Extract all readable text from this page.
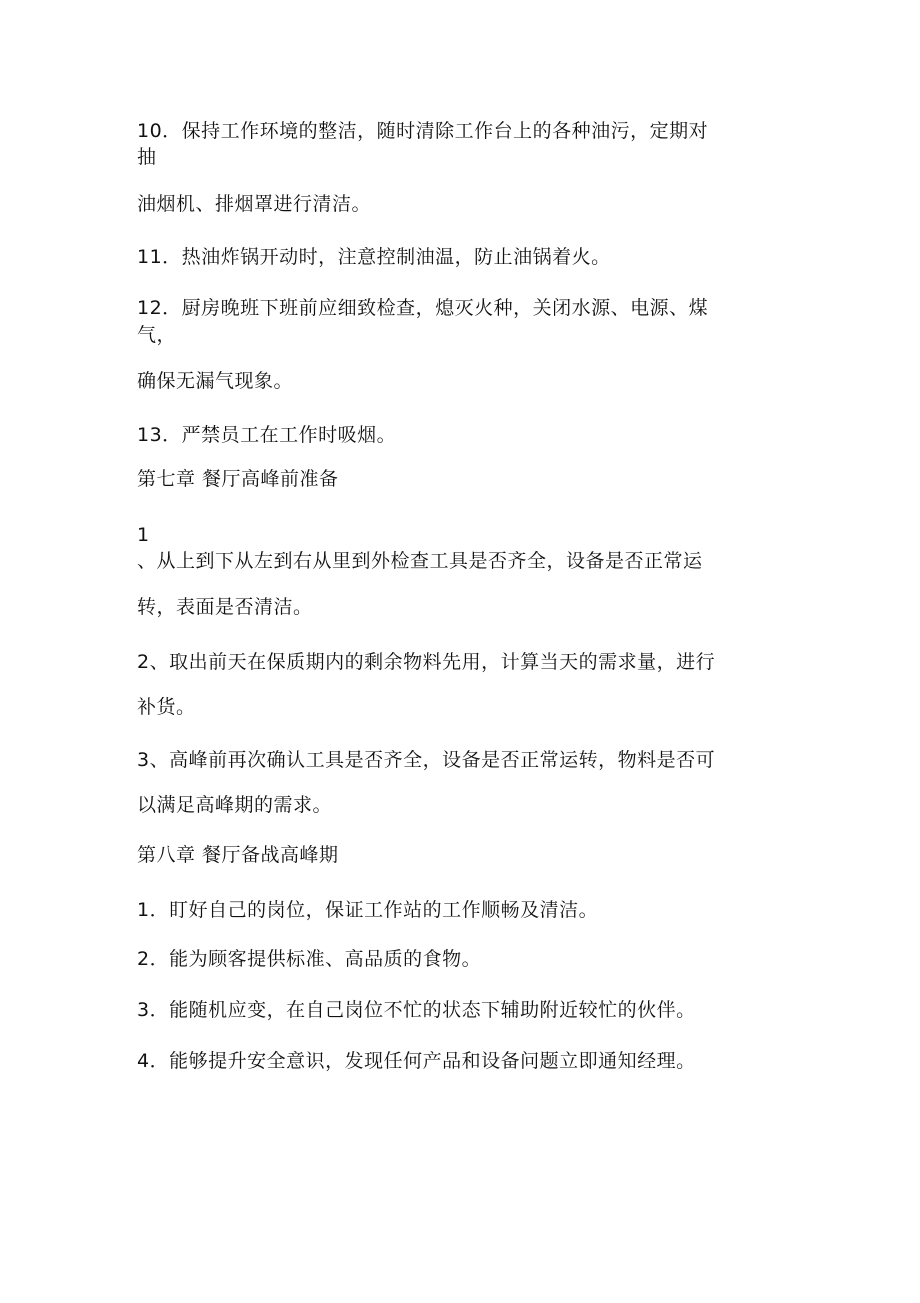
10．保持工作环境的整洁，随时清除工作台上的各种油污，定期对
抽
油烟机、排烟罩进行清洁。
11．热油炸锅开动时，注意控制油温，防止油锅着火。
12．厨房晚班下班前应细致检查，熄灭火种，关闭水源、电源、煤
气，
确保无漏气现象。
13．严禁员工在工作时吸烟。
第七章 餐厅高峰前准备
1
、从上到下从左到右从里到外检查工具是否齐全，设备是否正常运
转，表面是否清洁。
2、取出前天在保质期内的剩余物料先用，计算当天的需求量，进行
补货。
3、高峰前再次确认工具是否齐全，设备是否正常运转，物料是否可
以满足高峰期的需求。
第八章 餐厅备战高峰期
1．盯好自己的岗位，保证工作站的工作顺畅及清洁。
2．能为顾客提供标准、高品质的食物。
3．能随机应变，在自己岗位不忙的状态下辅助附近较忙的伙伴。
4．能够提升安全意识，发现任何产品和设备问题立即通知经理。
